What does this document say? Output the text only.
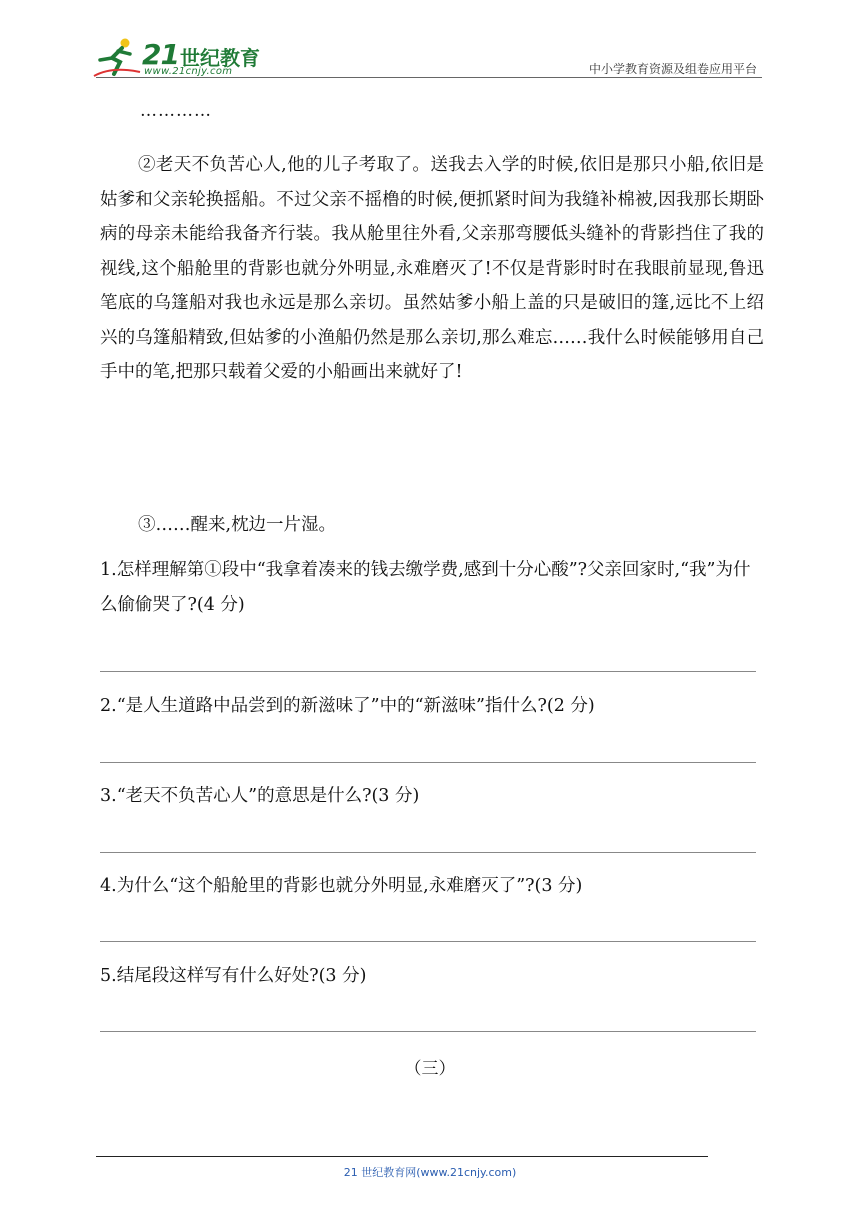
21 世纪教育
www.21cnjy.com	中小学教育资源及组卷应用平台
…………
②老天不负苦心人,他的儿子考取了。送我去入学的时候,依旧是那只小船,依旧是姑爹和父亲轮换摇船。不过父亲不摇橹的时候,便抓紧时间为我缝补棉被,因我那长期卧病的母亲未能给我备齐行装。我从舱里往外看,父亲那弯腰低头缝补的背影挡住了我的视线,这个船舱里的背影也就分外明显,永难磨灭了!不仅是背影时时在我眼前显现,鲁迅笔底的乌篷船对我也永远是那么亲切。虽然姑爹小船上盖的只是破旧的篷,远比不上绍兴的乌篷船精致,但姑爹的小渔船仍然是那么亲切,那么难忘……我什么时候能够用自己手中的笔,把那只载着父爱的小船画出来就好了!
③……醒来,枕边一片湿。
1.怎样理解第①段中“我拿着凑来的钱去缴学费,感到十分心酸”?父亲回家时,“我”为什么偷偷哭了?(4 分)
2.“是人生道路中品尝到的新滋味了”中的“新滋味”指什么?(2 分)
3.“老天不负苦心人”的意思是什么?(3 分)
4.为什么“这个船舱里的背影也就分外明显,永难磨灭了”?(3 分)
5.结尾段这样写有什么好处?(3 分)
（三）
21 世纪教育网(www.21cnjy.com)
